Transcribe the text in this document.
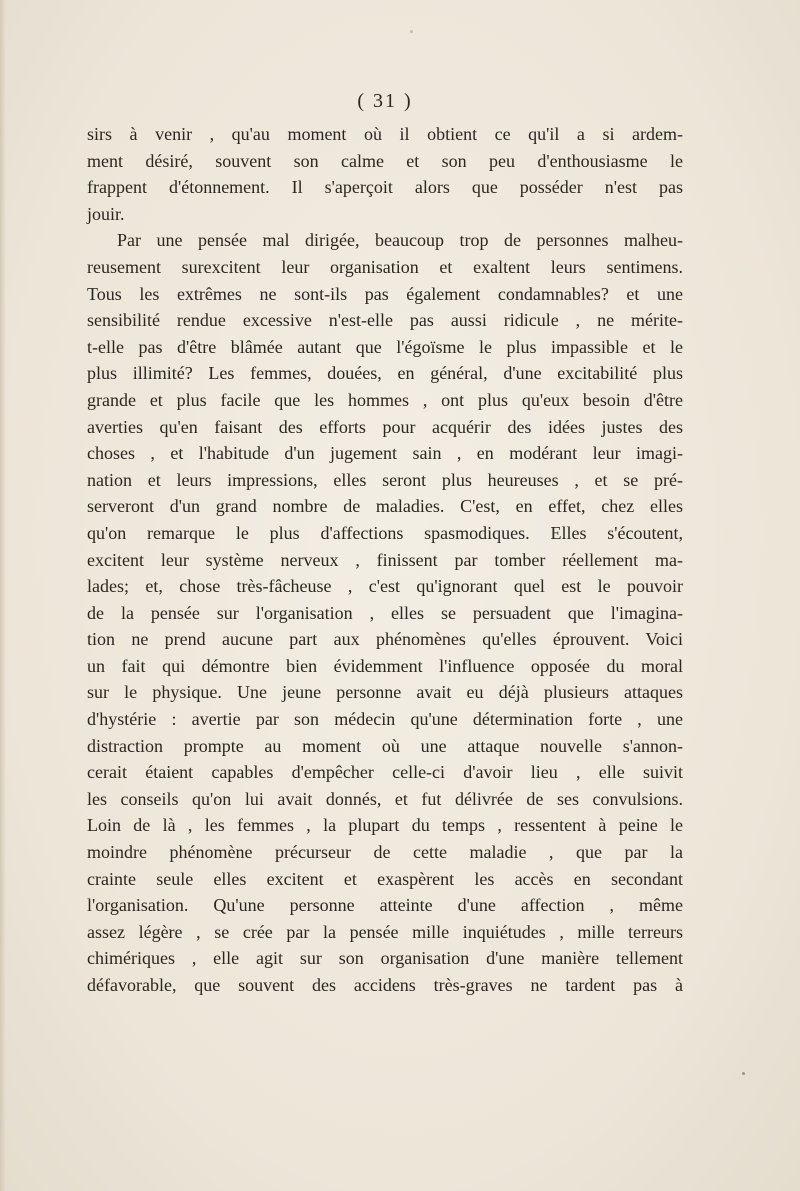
( 31 )
sirs à venir , qu'au moment où il obtient ce qu'il a si ardem-
ment désiré, souvent son calme et son peu d'enthousiasme le
frappent d'étonnement. Il s'aperçoit alors que posséder n'est pas
jouir.
Par une pensée mal dirigée, beaucoup trop de personnes malheu-
reusement surexcitent leur organisation et exaltent leurs sentimens.
Tous les extrêmes ne sont-ils pas également condamnables? et une
sensibilité rendue excessive n'est-elle pas aussi ridicule , ne mérite-
t-elle pas d'être blâmée autant que l'égoïsme le plus impassible et le
plus illimité? Les femmes, douées, en général, d'une excitabilité plus
grande et plus facile que les hommes , ont plus qu'eux besoin d'être
averties qu'en faisant des efforts pour acquérir des idées justes des
choses , et l'habitude d'un jugement sain , en modérant leur imagi-
nation et leurs impressions, elles seront plus heureuses , et se pré-
serveront d'un grand nombre de maladies. C'est, en effet, chez elles
qu'on remarque le plus d'affections spasmodiques. Elles s'écoutent,
excitent leur système nerveux , finissent par tomber réellement ma-
lades; et, chose très-fâcheuse , c'est qu'ignorant quel est le pouvoir
de la pensée sur l'organisation , elles se persuadent que l'imagina-
tion ne prend aucune part aux phénomènes qu'elles éprouvent. Voici
un fait qui démontre bien évidemment l'influence opposée du moral
sur le physique. Une jeune personne avait eu déjà plusieurs attaques
d'hystérie : avertie par son médecin qu'une détermination forte , une
distraction prompte au moment où une attaque nouvelle s'annon-
cerait étaient capables d'empêcher celle-ci d'avoir lieu , elle suivit
les conseils qu'on lui avait donnés, et fut délivrée de ses convulsions.
Loin de là , les femmes , la plupart du temps , ressentent à peine le
moindre phénomène précurseur de cette maladie , que par la
crainte seule elles excitent et exaspèrent les accès en secondant
l'organisation. Qu'une personne atteinte d'une affection , même
assez légère , se crée par la pensée mille inquiétudes , mille terreurs
chimériques , elle agit sur son organisation d'une manière tellement
défavorable, que souvent des accidens très-graves ne tardent pas à
